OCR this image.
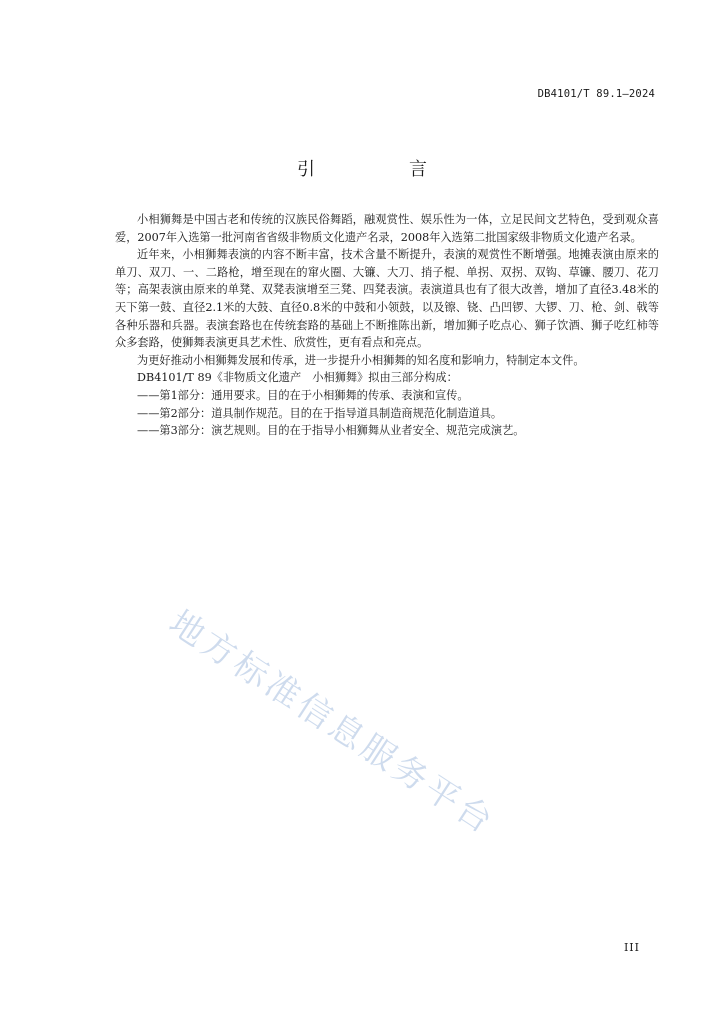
DB4101/T 89.1—2024
引　言

小相狮舞是中国古老和传统的汉族民俗舞蹈，融观赏性、娱乐性为一体，立足民间文艺特色，受到观众喜爱，2007年入选第一批河南省省级非物质文化遗产名录，2008年入选第二批国家级非物质文化遗产名录。

近年来，小相狮舞表演的内容不断丰富，技术含量不断提升，表演的观赏性不断增强。地摊表演由原来的单刀、双刀、一、二路枪，增至现在的窜火圈、大镰、大刀、捎子棍、单拐、双拐、双钩、草镰、腰刀、花刀等；高架表演由原来的单凳、双凳表演增至三凳、四凳表演。表演道具也有了很大改善，增加了直径3.48米的天下第一鼓、直径2.1米的大鼓、直径0.8米的中鼓和小领鼓，以及镲、铙、凸凹锣、大锣、刀、枪、剑、戟等各种乐器和兵器。表演套路也在传统套路的基础上不断推陈出新，增加狮子吃点心、狮子饮酒、狮子吃红柿等众多套路，使狮舞表演更具艺术性、欣赏性，更有看点和亮点。

为更好推动小相狮舞发展和传承，进一步提升小相狮舞的知名度和影响力，特制定本文件。

DB4101/T 89《非物质文化遗产　小相狮舞》拟由三部分构成：

——第1部分：通用要求。目的在于小相狮舞的传承、表演和宣传。

——第2部分：道具制作规范。目的在于指导道具制造商规范化制造道具。

——第3部分：演艺规则。目的在于指导小相狮舞从业者安全、规范完成演艺。

地方标准信息服务平台
III
